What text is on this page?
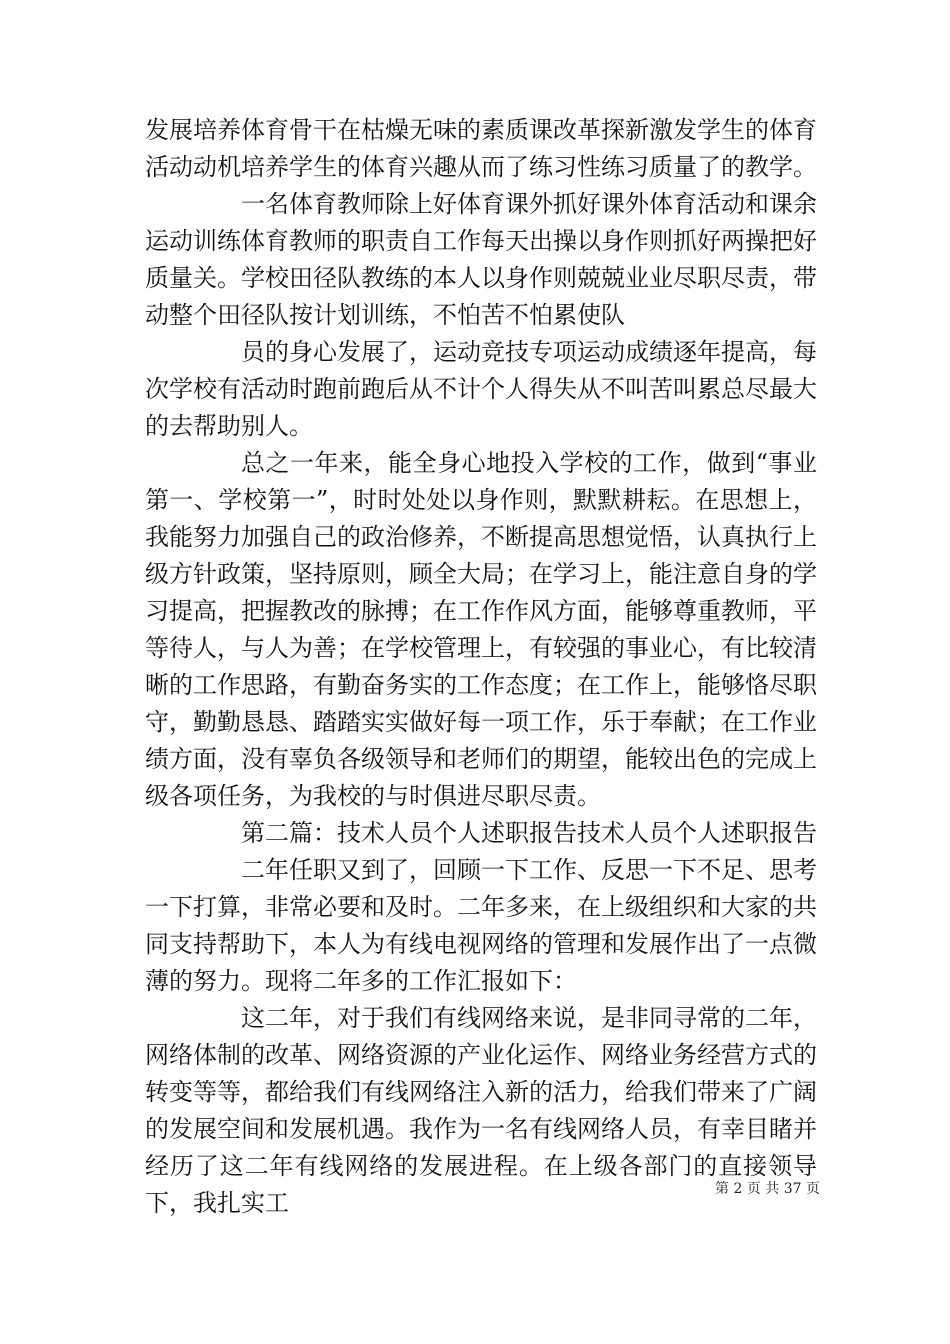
发展培养体育骨干在枯燥无味的素质课改革探新激发学生的体育活动动机培养学生的体育兴趣从而了练习性练习质量了的教学。

一名体育教师除上好体育课外抓好课外体育活动和课余运动训练体育教师的职责自工作每天出操以身作则抓好两操把好质量关。学校田径队教练的本人以身作则兢兢业业尽职尽责，带动整个田径队按计划训练，不怕苦不怕累使队

员的身心发展了，运动竞技专项运动成绩逐年提高，每次学校有活动时跑前跑后从不计个人得失从不叫苦叫累总尽最大的去帮助别人。

总之一年来，能全身心地投入学校的工作，做到“事业第一、学校第一”，时时处处以身作则，默默耕耘。在思想上，我能努力加强自己的政治修养，不断提高思想觉悟，认真执行上级方针政策，坚持原则，顾全大局；在学习上，能注意自身的学习提高，把握教改的脉搏；在工作作风方面，能够尊重教师，平等待人，与人为善；在学校管理上，有较强的事业心，有比较清晰的工作思路，有勤奋务实的工作态度；在工作上，能够恪尽职守，勤勤恳恳、踏踏实实做好每一项工作，乐于奉献；在工作业绩方面，没有辜负各级领导和老师们的期望，能较出色的完成上级各项任务，为我校的与时俱进尽职尽责。

第二篇：技术人员个人述职报告技术人员个人述职报告

二年任职又到了，回顾一下工作、反思一下不足、思考一下打算，非常必要和及时。二年多来，在上级组织和大家的共同支持帮助下，本人为有线电视网络的管理和发展作出了一点微薄的努力。现将二年多的工作汇报如下：

这二年，对于我们有线网络来说，是非同寻常的二年，网络体制的改革、网络资源的产业化运作、网络业务经营方式的转变等等，都给我们有线网络注入新的活力，给我们带来了广阔的发展空间和发展机遇。我作为一名有线网络人员，有幸目睹并经历了这二年有线网络的发展进程。在上级各部门的直接领导下，我扎实工	第 2 页 共 37 页
